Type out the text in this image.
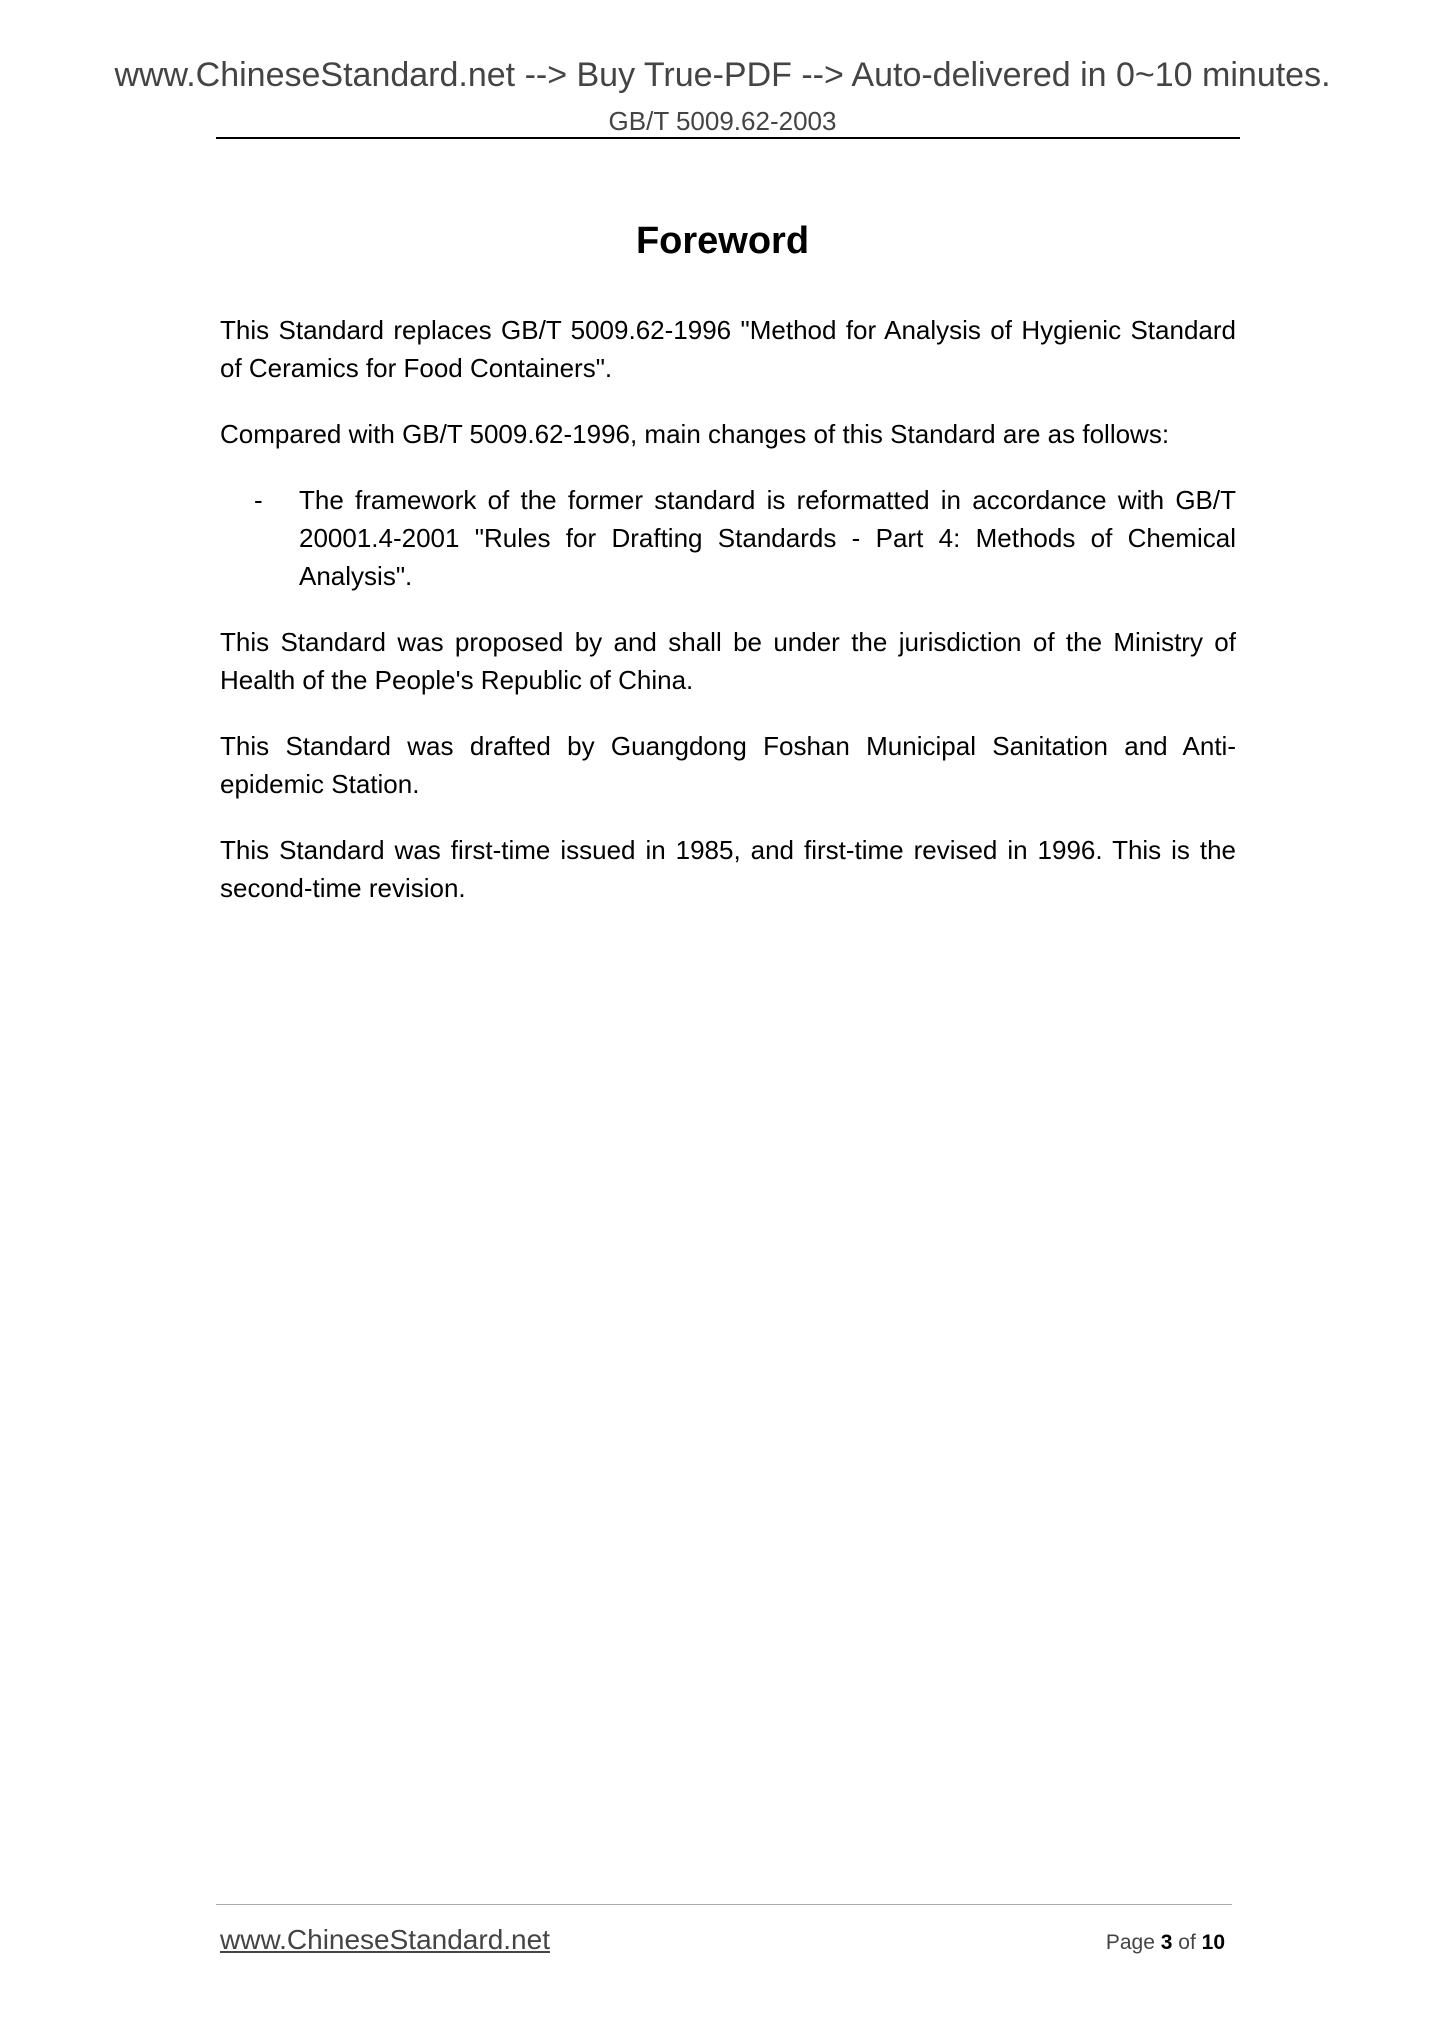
www.ChineseStandard.net --> Buy True-PDF --> Auto-delivered in 0~10 minutes.
GB/T 5009.62-2003
Foreword

This Standard replaces GB/T 5009.62-1996 "Method for Analysis of Hygienic Standard of Ceramics for Food Containers".

Compared with GB/T 5009.62-1996, main changes of this Standard are as follows:

-	The framework of the former standard is reformatted in accordance with GB/T 20001.4-2001 "Rules for Drafting Standards - Part 4: Methods of Chemical Analysis".

This Standard was proposed by and shall be under the jurisdiction of the Ministry of Health of the People's Republic of China.

This Standard was drafted by Guangdong Foshan Municipal Sanitation and Anti-epidemic Station.

This Standard was first-time issued in 1985, and first-time revised in 1996. This is the second-time revision.

www.ChineseStandard.net	Page 3 of 10
